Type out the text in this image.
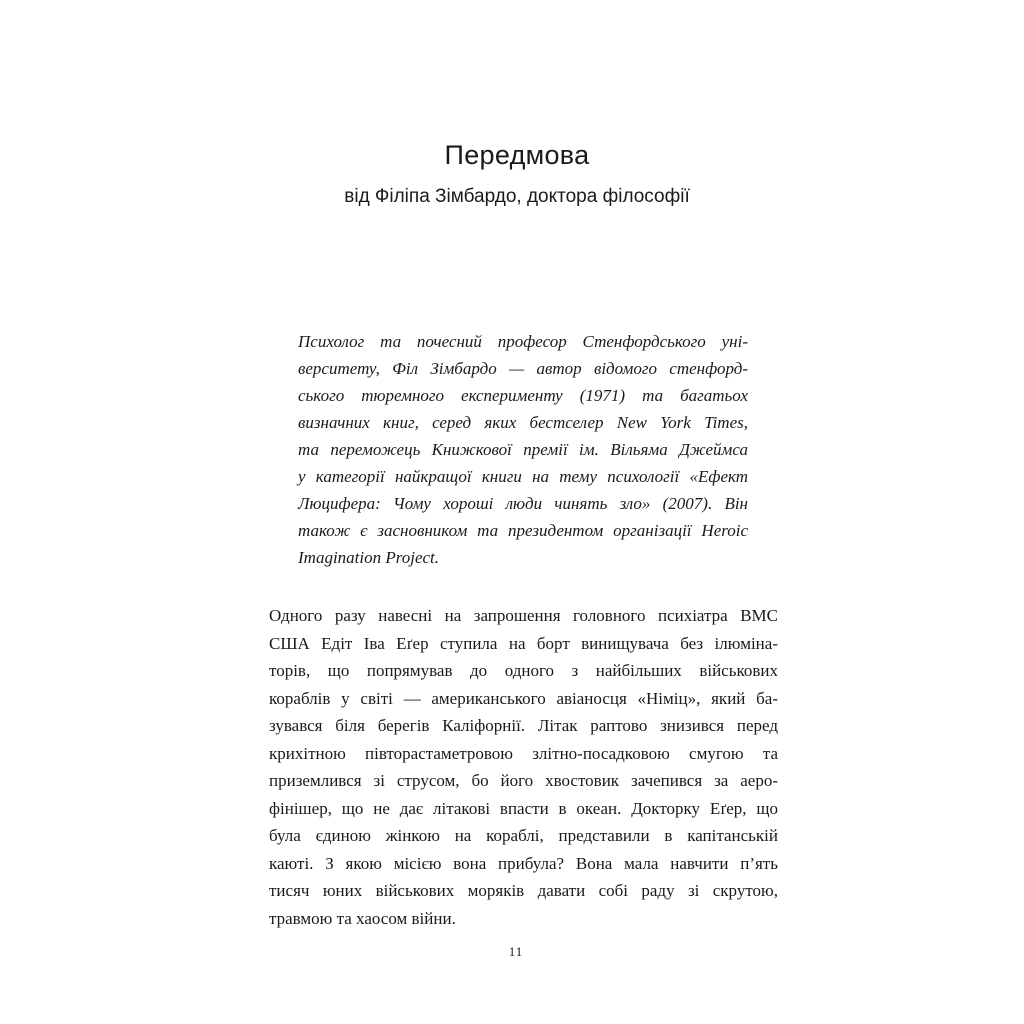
Передмова
від Філіпа Зімбардо, доктора філософії
Психолог та почесний професор Стенфордського уні-
верситету, Філ Зімбардо — автор відомого стенфорд-
ського тюремного експерименту (1971) та багатьох
визначних книг, серед яких бестселер New York Times,
та переможець Книжкової премії ім. Вільяма Джеймса
у категорії найкращої книги на тему психології «Ефект
Люцифера: Чому хороші люди чинять зло» (2007). Він
також є засновником та президентом організації Heroic
Imagination Project.
Одного разу навесні на запрошення головного психіатра ВМС
США Едіт Іва Еґер ступила на борт винищувача без ілюміна-
торів, що попрямував до одного з найбільших військових
кораблів у світі — американського авіаносця «Німіц», який ба-
зувався біля берегів Каліфорнії. Літак раптово знизився перед
крихітною півторастаметровою злітно-посадковою смугою та
приземлився зі струсом, бо його хвостовик зачепився за аеро-
фінішер, що не дає літакові впасти в океан. Докторку Еґер, що
була єдиною жінкою на кораблі, представили в капітанській
каюті. З якою місією вона прибула? Вона мала навчити п’ять
тисяч юних військових моряків давати собі раду зі скрутою,
травмою та хаосом війни.
11
